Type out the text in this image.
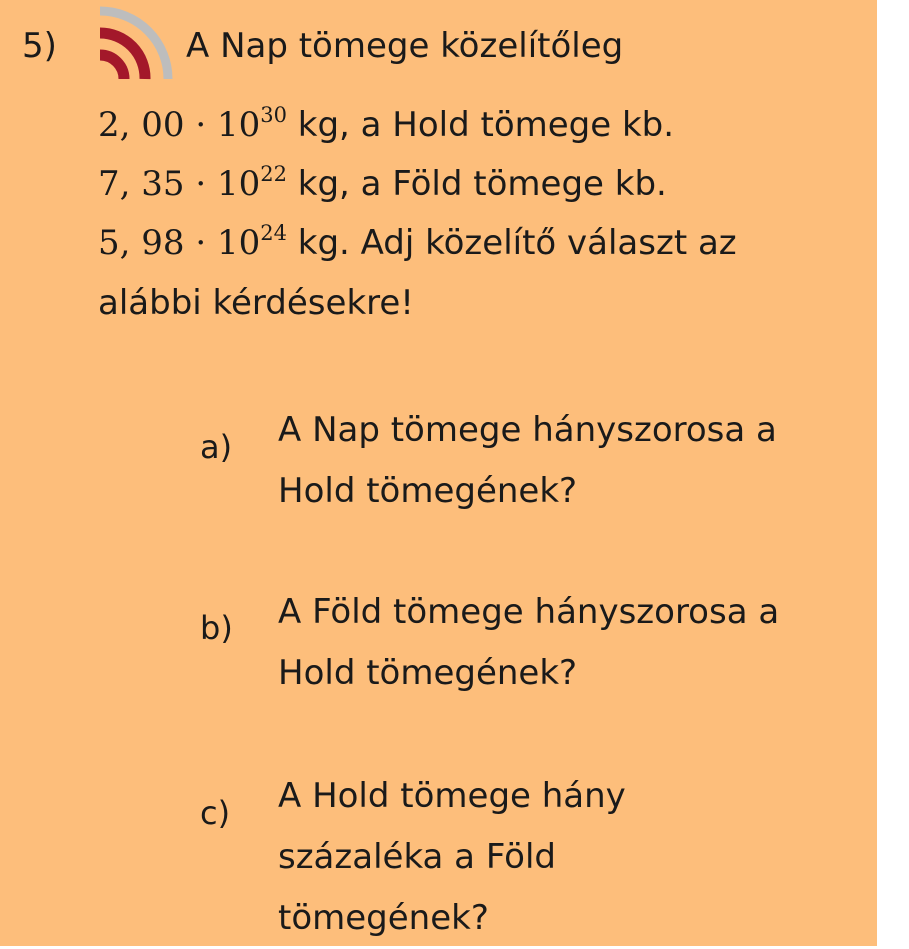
5)	A Nap tömege közelítőleg
2, $00 \cdot 10^{30}$ kg, a Hold tömege kb.
7, $35 \cdot 10^{22}$ kg, a Föld tömege kb.
5, $98 \cdot 10^{24}$ kg. Adj közelítő választ az
alábbi kérdésekre!
a) A Nap tömege hányszorosa a Hold tömegének?
b) A Föld tömege hányszorosa a Hold tömegének?
c) A Hold tömege hány százaléka a Föld tömegének?
